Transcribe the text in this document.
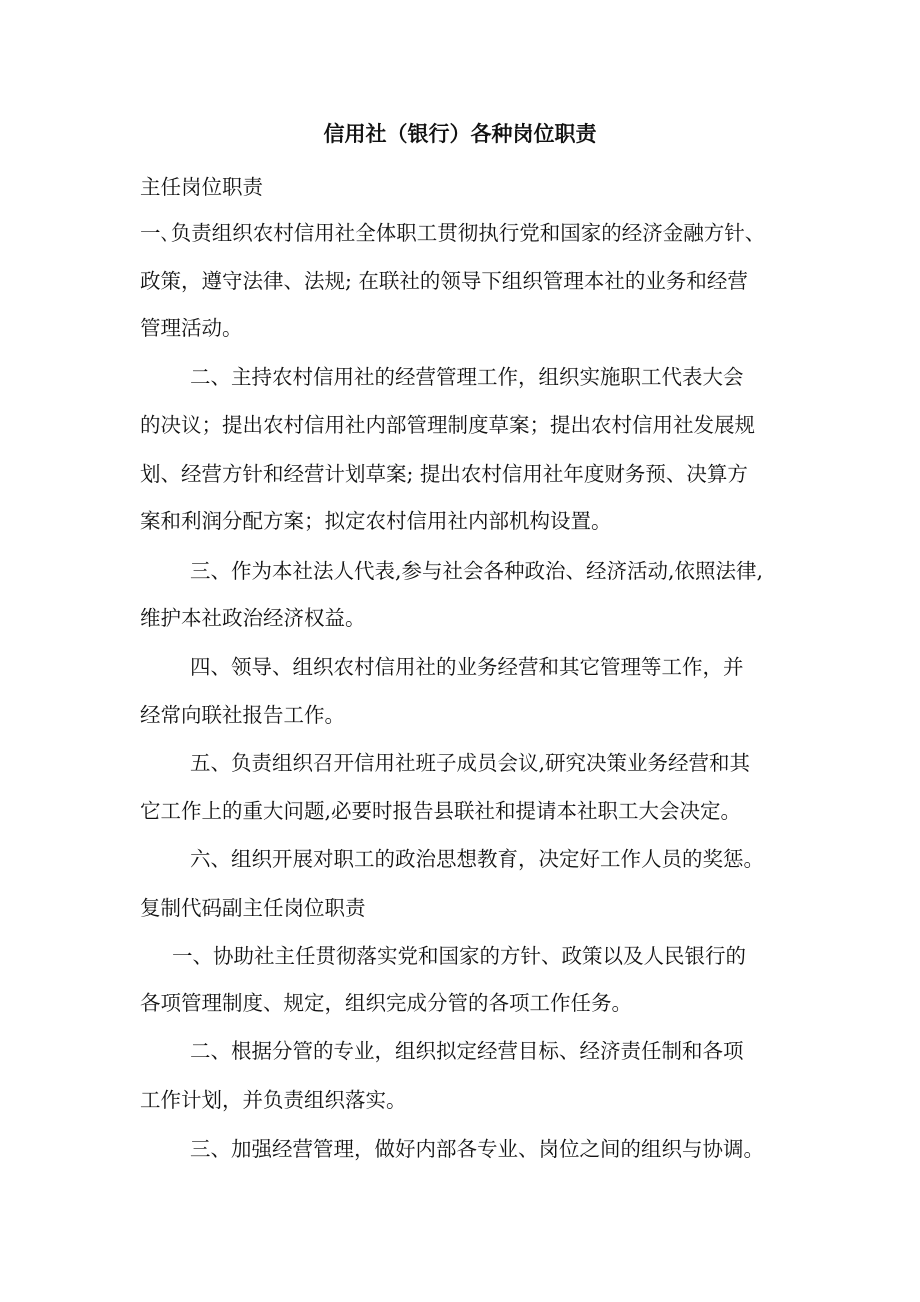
信用社（银行）各种岗位职责
主任岗位职责
一､负责组织农村信用社全体职工贯彻执行党和国家的经济金融方针、
政策，遵守法律、法规; 在联社的领导下组织管理本社的业务和经营
管理活动。
二、主持农村信用社的经营管理工作，组织实施职工代表大会
的决议；提出农村信用社内部管理制度草案；提出农村信用社发展规
划、经营方针和经营计划草案; 提出农村信用社年度财务预、决算方
案和利润分配方案；拟定农村信用社内部机构设置。
三、作为本社法人代表,参与社会各种政治、经济活动,依照法律,
维护本社政治经济权益。
四、领导、组织农村信用社的业务经营和其它管理等工作，并
经常向联社报告工作。
五、负责组织召开信用社班子成员会议,研究决策业务经营和其
它工作上的重大问题,必要时报告县联社和提请本社职工大会决定。
六、组织开展对职工的政治思想教育，决定好工作人员的奖惩。
复制代码副主任岗位职责
一、协助社主任贯彻落实党和国家的方针、政策以及人民银行的
各项管理制度、规定，组织完成分管的各项工作任务。
二、根据分管的专业，组织拟定经营目标、经济责任制和各项
工作计划，并负责组织落实。
三、加强经营管理，做好内部各专业、岗位之间的组织与协调。
